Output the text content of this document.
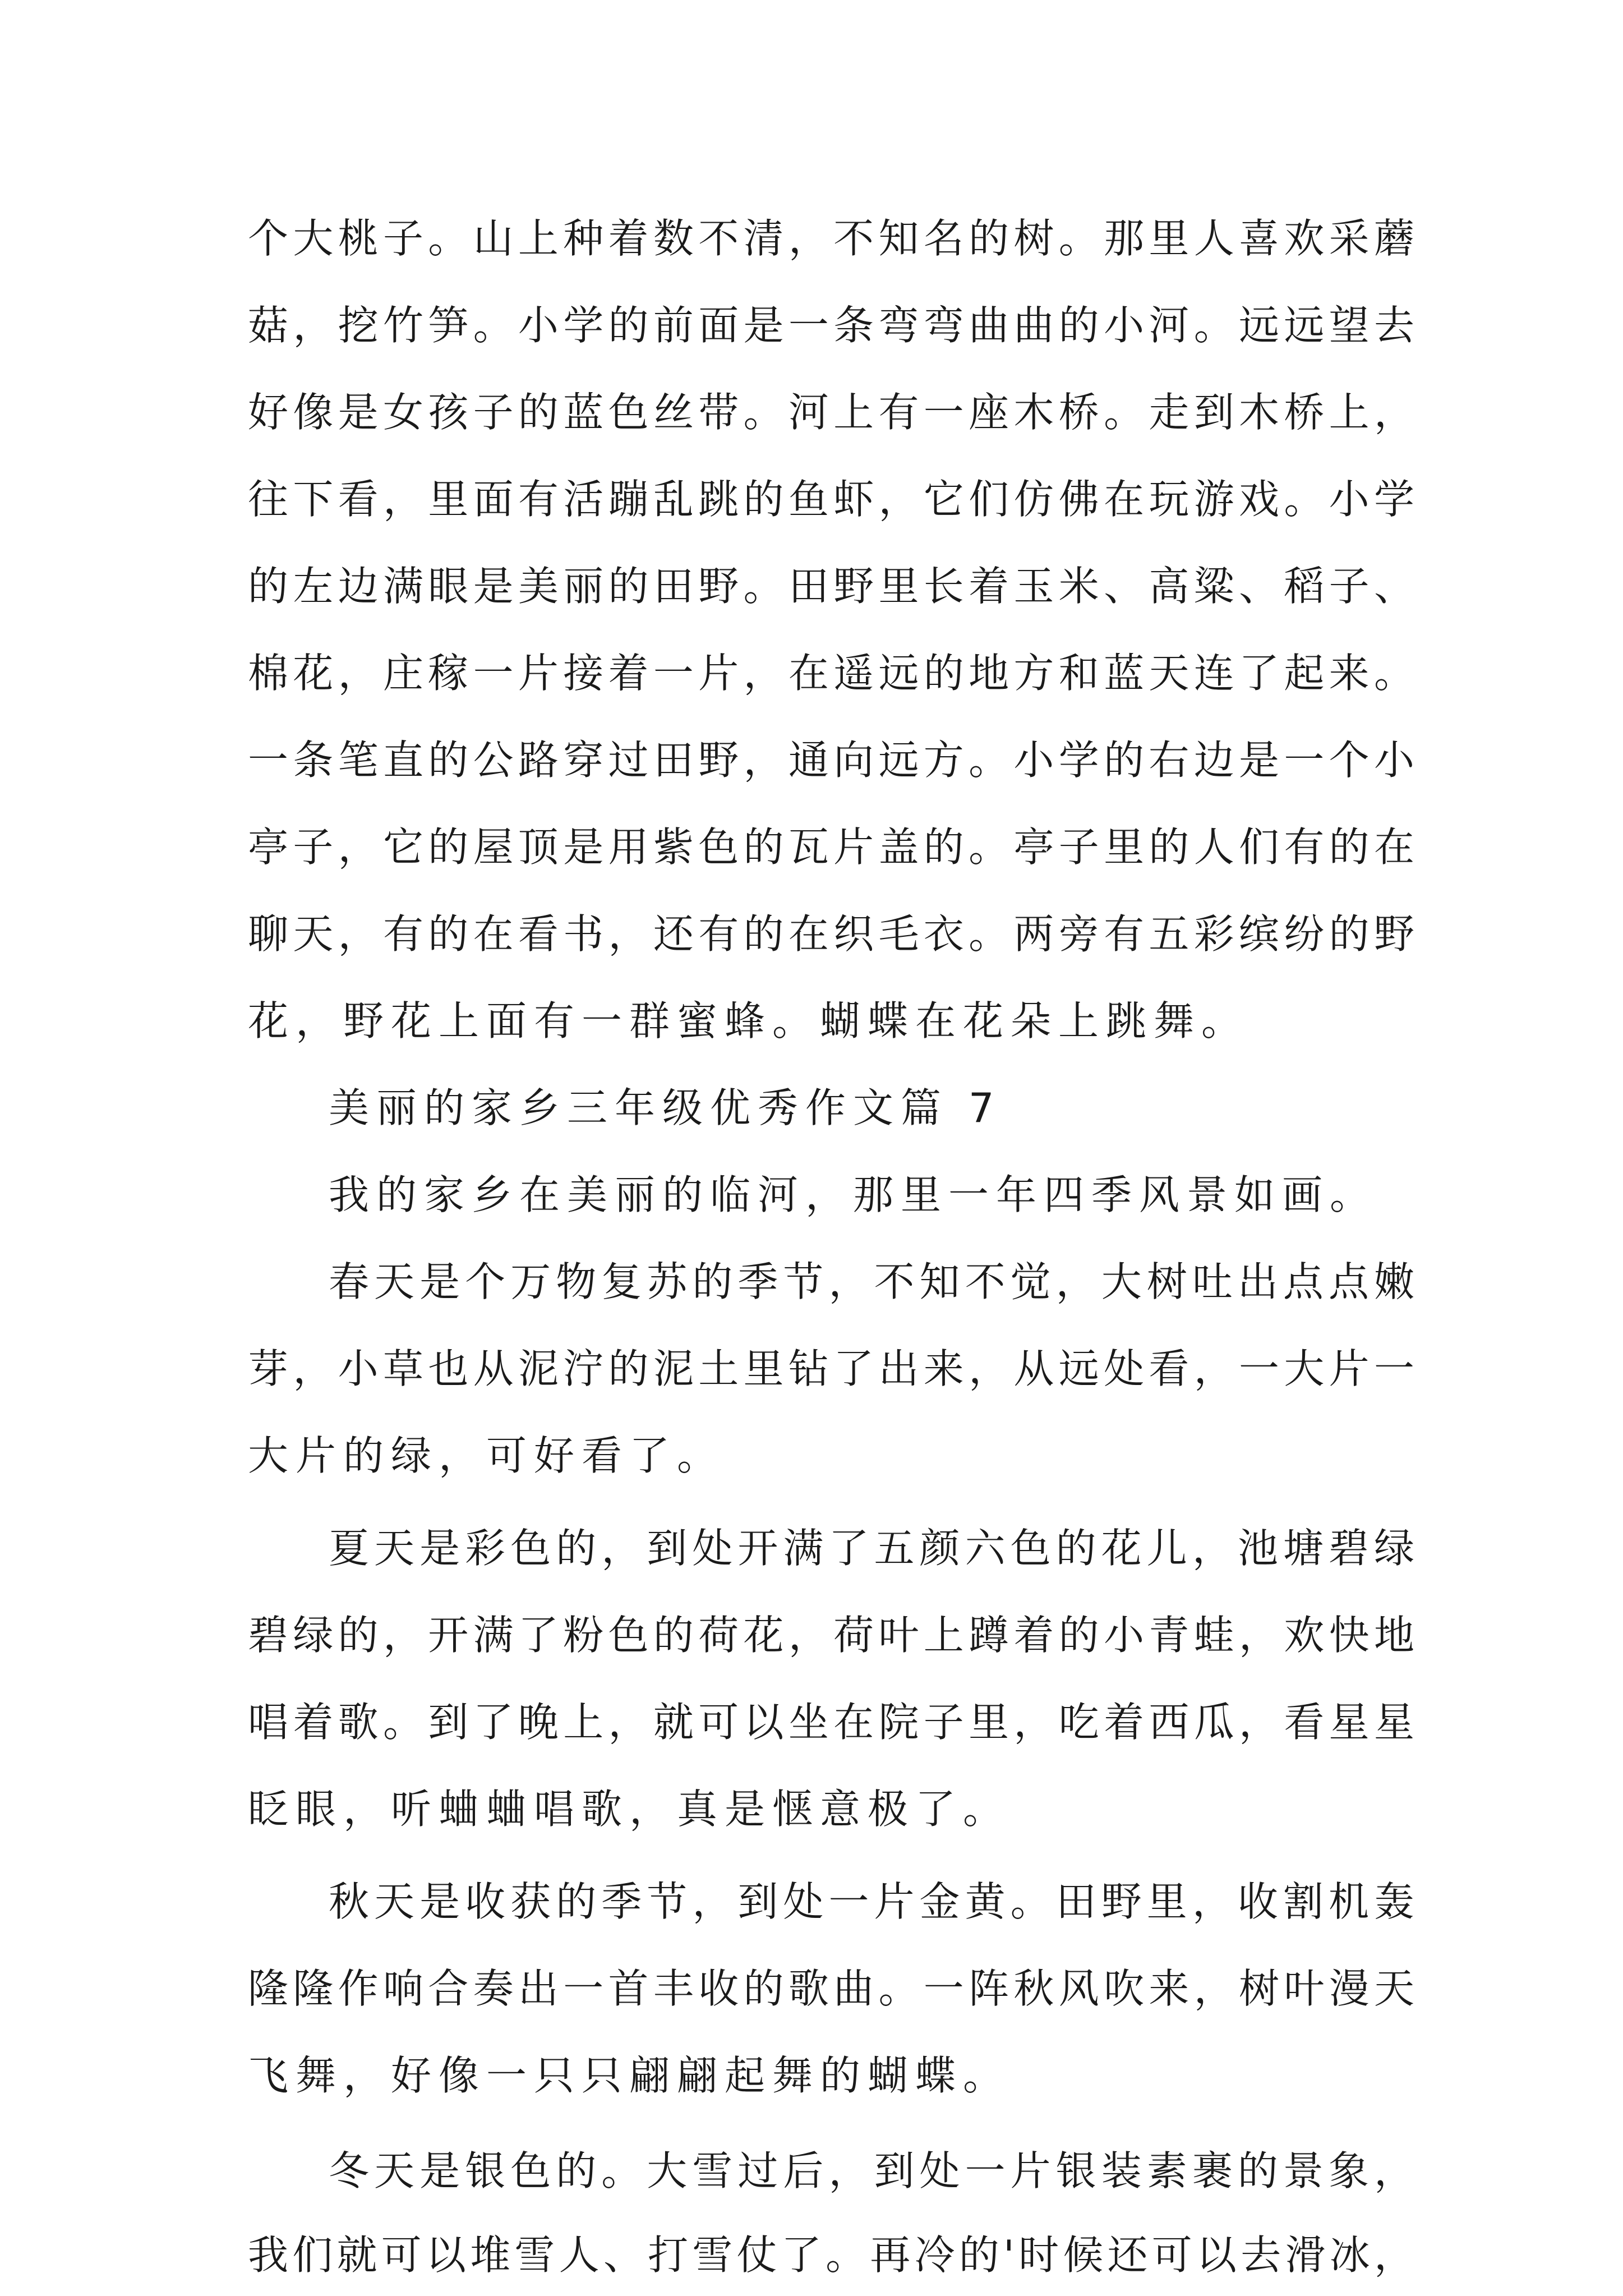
个大桃子。山上种着数不清，不知名的树。那里人喜欢采蘑
菇，挖竹笋。小学的前面是一条弯弯曲曲的小河。远远望去
好像是女孩子的蓝色丝带。河上有一座木桥。走到木桥上，
往下看，里面有活蹦乱跳的鱼虾，它们仿佛在玩游戏。小学
的左边满眼是美丽的田野。田野里长着玉米、高粱、稻子、
棉花，庄稼一片接着一片，在遥远的地方和蓝天连了起来。
一条笔直的公路穿过田野，通向远方。小学的右边是一个小
亭子，它的屋顶是用紫色的瓦片盖的。亭子里的人们有的在
聊天，有的在看书，还有的在织毛衣。两旁有五彩缤纷的野
花，野花上面有一群蜜蜂。蝴蝶在花朵上跳舞。
美丽的家乡三年级优秀作文篇 7
我的家乡在美丽的临河，那里一年四季风景如画。
春天是个万物复苏的季节，不知不觉，大树吐出点点嫩
芽，小草也从泥泞的泥土里钻了出来，从远处看，一大片一
大片的绿，可好看了。
夏天是彩色的，到处开满了五颜六色的花儿，池塘碧绿
碧绿的，开满了粉色的荷花，荷叶上蹲着的小青蛙，欢快地
唱着歌。到了晚上，就可以坐在院子里，吃着西瓜，看星星
眨眼，听蛐蛐唱歌，真是惬意极了。
秋天是收获的季节，到处一片金黄。田野里，收割机轰
隆隆作响合奏出一首丰收的歌曲。一阵秋风吹来，树叶漫天
飞舞，好像一只只翩翩起舞的蝴蝶。
冬天是银色的。大雪过后，到处一片银装素裹的景象，
我们就可以堆雪人、打雪仗了。再冷的'时候还可以去滑冰，
